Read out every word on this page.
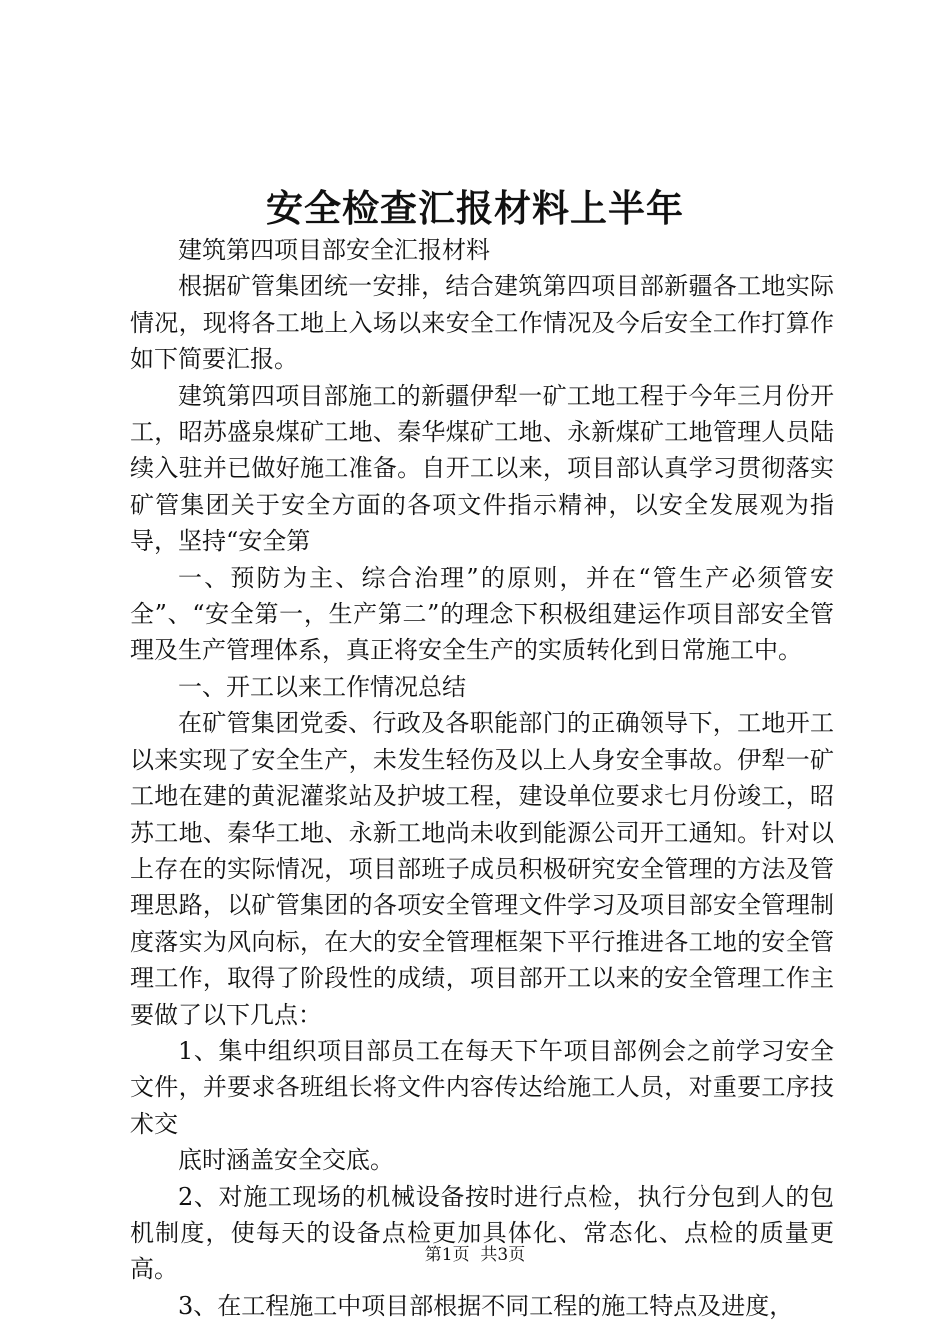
安全检查汇报材料上半年

建筑第四项目部安全汇报材料

根据矿管集团统一安排，结合建筑第四项目部新疆各工地实际情况，现将各工地上入场以来安全工作情况及今后安全工作打算作如下简要汇报。

建筑第四项目部施工的新疆伊犁一矿工地工程于今年三月份开工，昭苏盛泉煤矿工地、秦华煤矿工地、永新煤矿工地管理人员陆续入驻并已做好施工准备。自开工以来，项目部认真学习贯彻落实矿管集团关于安全方面的各项文件指示精神，以安全发展观为指导，坚持“安全第

一、预防为主、综合治理”的原则，并在“管生产必须管安全”、“安全第一，生产第二”的理念下积极组建运作项目部安全管理及生产管理体系，真正将安全生产的实质转化到日常施工中。

一、开工以来工作情况总结

在矿管集团党委、行政及各职能部门的正确领导下，工地开工以来实现了安全生产，未发生轻伤及以上人身安全事故。伊犁一矿工地在建的黄泥灌浆站及护坡工程，建设单位要求七月份竣工，昭苏工地、秦华工地、永新工地尚未收到能源公司开工通知。针对以上存在的实际情况，项目部班子成员积极研究安全管理的方法及管理思路，以矿管集团的各项安全管理文件学习及项目部安全管理制度落实为风向标，在大的安全管理框架下平行推进各工地的安全管理工作，取得了阶段性的成绩，项目部开工以来的安全管理工作主要做了以下几点：

1、集中组织项目部员工在每天下午项目部例会之前学习安全文件，并要求各班组长将文件内容传达给施工人员，对重要工序技术交

底时涵盖安全交底。

2、对施工现场的机械设备按时进行点检，执行分包到人的包机制度，使每天的设备点检更加具体化、常态化、点检的质量更高。

3、在工程施工中项目部根据不同工程的施工特点及进度，

第1页  共3页
